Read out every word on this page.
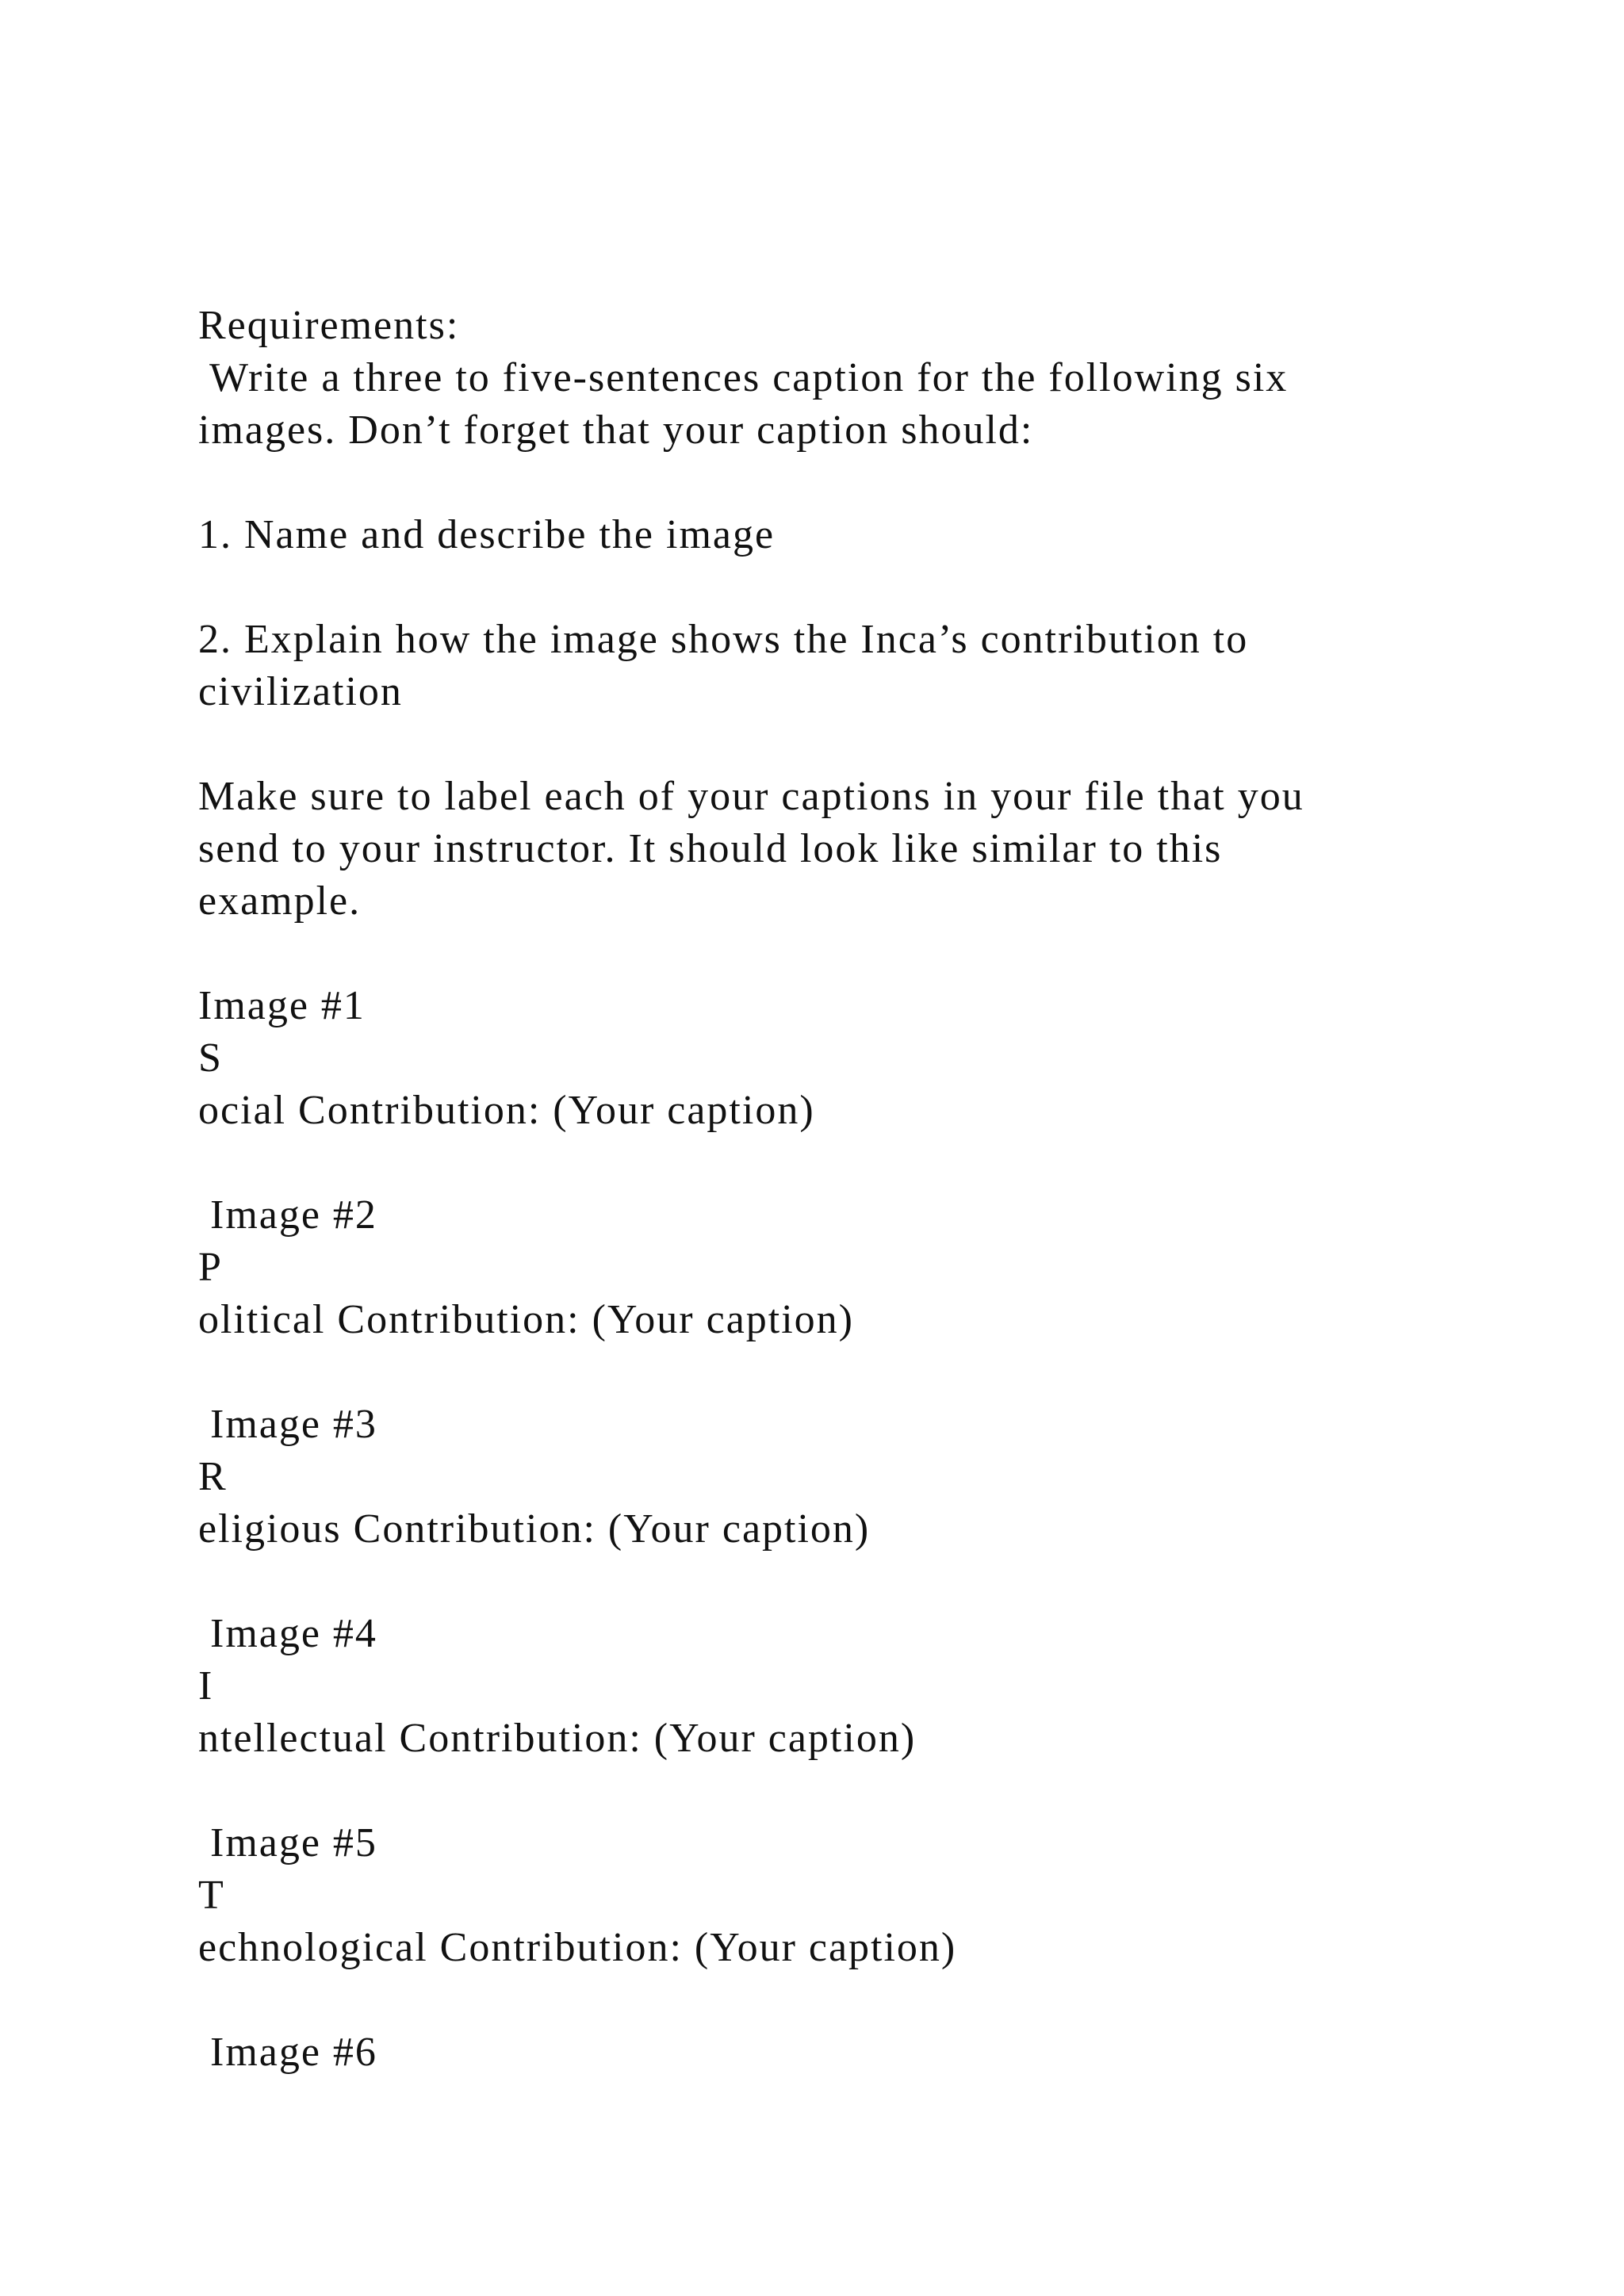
Requirements:
Write a three to five-sentences caption for the following six
images. Don’t forget that your caption should:
1. Name and describe the image
2. Explain how the image shows the Inca’s contribution to
civilization
Make sure to label each of your captions in your file that you
send to your instructor. It should look like similar to this
example.
Image #1
S
ocial Contribution: (Your caption)
Image #2
P
olitical Contribution: (Your caption)
Image #3
R
eligious Contribution: (Your caption)
Image #4
I
ntellectual Contribution: (Your caption)
Image #5
T
echnological Contribution: (Your caption)
Image #6
